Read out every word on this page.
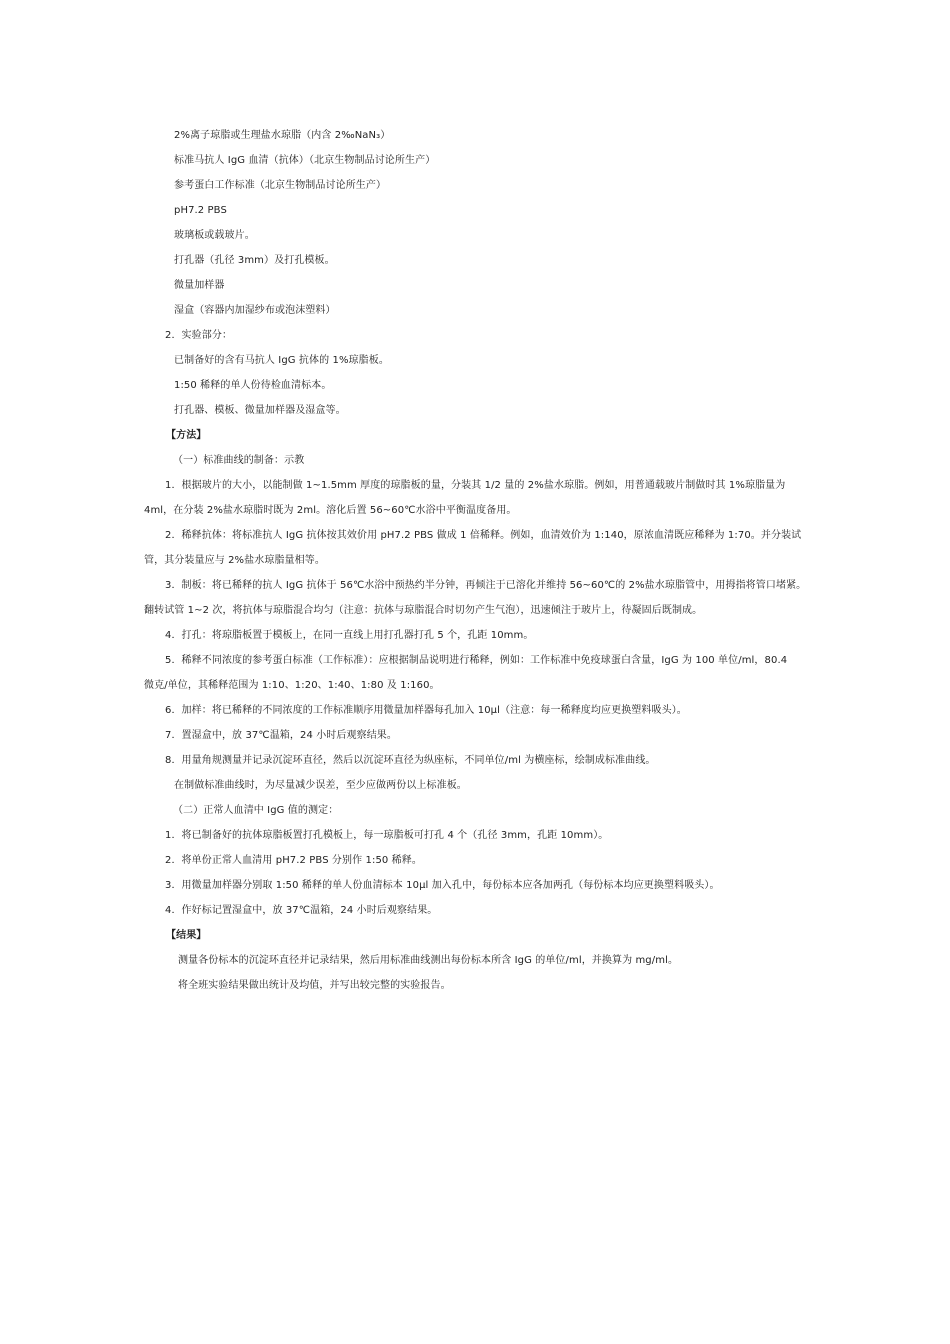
2%离子琼脂或生理盐水琼脂（内含 2‰NaN₃）
标准马抗人 IgG 血清（抗体）（北京生物制品讨论所生产）
参考蛋白工作标准（北京生物制品讨论所生产）
pH7.2 PBS
玻璃板或载玻片。
打孔器（孔径 3mm）及打孔模板。
微量加样器
湿盒（容器内加湿纱布或泡沫塑料）
2．实验部分：
已制备好的含有马抗人 IgG 抗体的 1%琼脂板。
1:50 稀释的单人份待检血清标本。
打孔器、模板、微量加样器及湿盒等。
【方法】
（一）标准曲线的制备：示教
1．根据玻片的大小，以能制做 1~1.5mm 厚度的琼脂板的量，分装其 1/2 量的 2%盐水琼脂。例如，用普通载玻片制做时其 1%琼脂量为
4ml，在分装 2%盐水琼脂时既为 2ml。溶化后置 56~60℃水浴中平衡温度备用。
2．稀释抗体：将标准抗人 IgG 抗体按其效价用 pH7.2 PBS 做成 1 倍稀释。例如，血清效价为 1:140，原浓血清既应稀释为 1:70。并分装试
管，其分装量应与 2%盐水琼脂量相等。
3．制板：将已稀释的抗人 IgG 抗体于 56℃水浴中预热约半分钟，再倾注于已溶化并维持 56~60℃的 2%盐水琼脂管中，用拇指将管口堵紧。
翻转试管 1~2 次，将抗体与琼脂混合均匀（注意：抗体与琼脂混合时切勿产生气泡），迅速倾注于玻片上，待凝固后既制成。
4．打孔：将琼脂板置于模板上，在同一直线上用打孔器打孔 5 个，孔距 10mm。
5．稀释不同浓度的参考蛋白标准（工作标准）：应根据制品说明进行稀释，例如：工作标准中免疫球蛋白含量，IgG 为 100 单位/ml，80.4
微克/单位，其稀释范围为 1:10、1:20、1:40、1:80 及 1:160。
6．加样：将已稀释的不同浓度的工作标准顺序用微量加样器每孔加入 10μl（注意：每一稀释度均应更换塑料吸头）。
7．置湿盒中，放 37℃温箱，24 小时后观察结果。
8．用量角规测量并记录沉淀环直径，然后以沉淀环直径为纵座标，不同单位/ml 为横座标，绘制成标准曲线。
在制做标准曲线时，为尽量减少误差，至少应做两份以上标准板。
（二）正常人血清中 IgG 值的测定：
1．将已制备好的抗体琼脂板置打孔模板上，每一琼脂板可打孔 4 个（孔径 3mm，孔距 10mm）。
2．将单份正常人血清用 pH7.2 PBS 分别作 1:50 稀释。
3．用微量加样器分别取 1:50 稀释的单人份血清标本 10μl 加入孔中，每份标本应各加两孔（每份标本均应更换塑料吸头）。
4．作好标记置湿盒中，放 37℃温箱，24 小时后观察结果。
【结果】
测量各份标本的沉淀环直径并记录结果，然后用标准曲线测出每份标本所含 IgG 的单位/ml，并换算为 mg/ml。
将全班实验结果做出统计及均值，并写出较完整的实验报告。
